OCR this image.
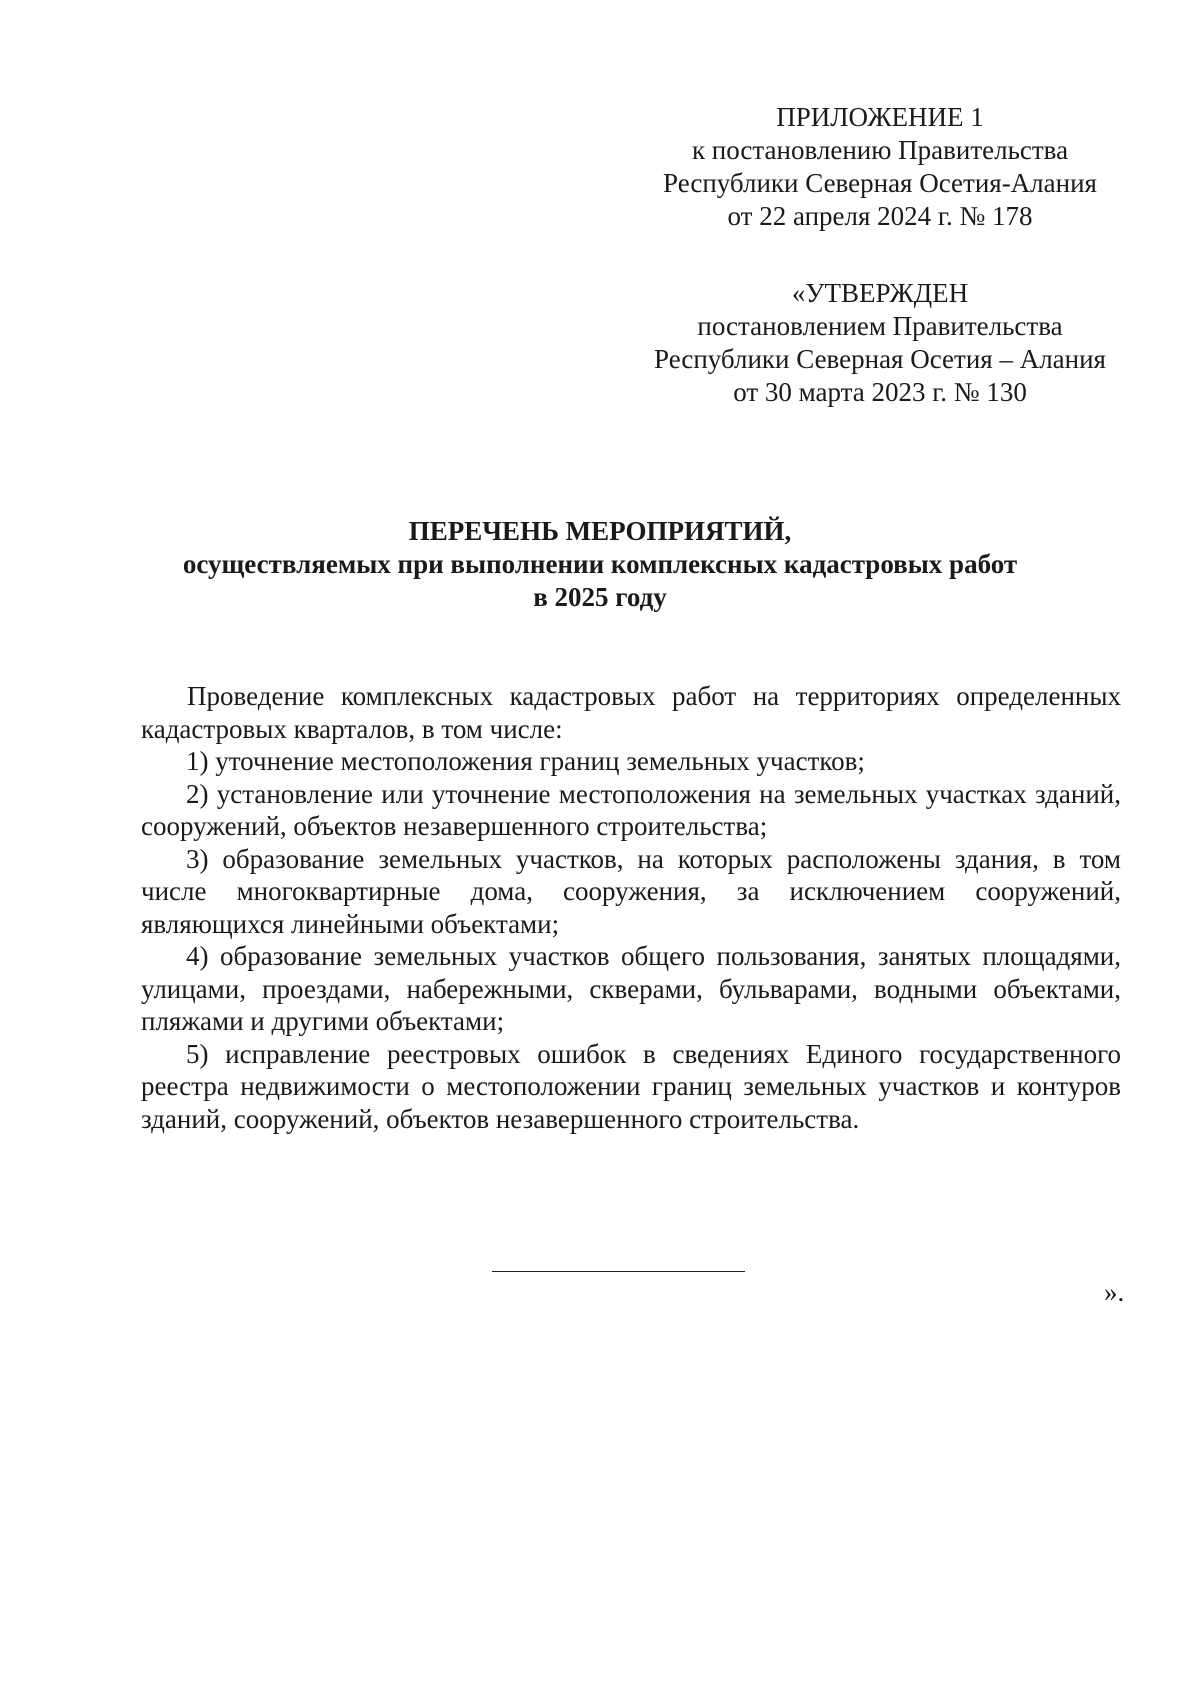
ПРИЛОЖЕНИЕ 1
к постановлению Правительства
Республики Северная Осетия-Алания
от 22 апреля 2024 г. № 178
«УТВЕРЖДЕН
постановлением Правительства
Республики Северная Осетия – Алания
от 30 марта 2023 г. № 130
ПЕРЕЧЕНЬ МЕРОПРИЯТИЙ,
осуществляемых при выполнении комплексных кадастровых работ
в 2025 году

Проведение комплексных кадастровых работ на территориях определенных кадастровых кварталов, в том числе:

1) уточнение местоположения границ земельных участков;

2) установление или уточнение местоположения на земельных участках зданий, сооружений, объектов незавершенного строительства;

3) образование земельных участков, на которых расположены здания, в том числе многоквартирные дома, сооружения, за исключением сооружений, являющихся линейными объектами;

4) образование земельных участков общего пользования, занятых площадями, улицами, проездами, набережными, скверами, бульварами, водными объектами, пляжами и другими объектами;

5) исправление реестровых ошибок в сведениях Единого государственного реестра недвижимости о местоположении границ земельных участков и контуров зданий, сооружений, объектов незавершенного строительства.

».
